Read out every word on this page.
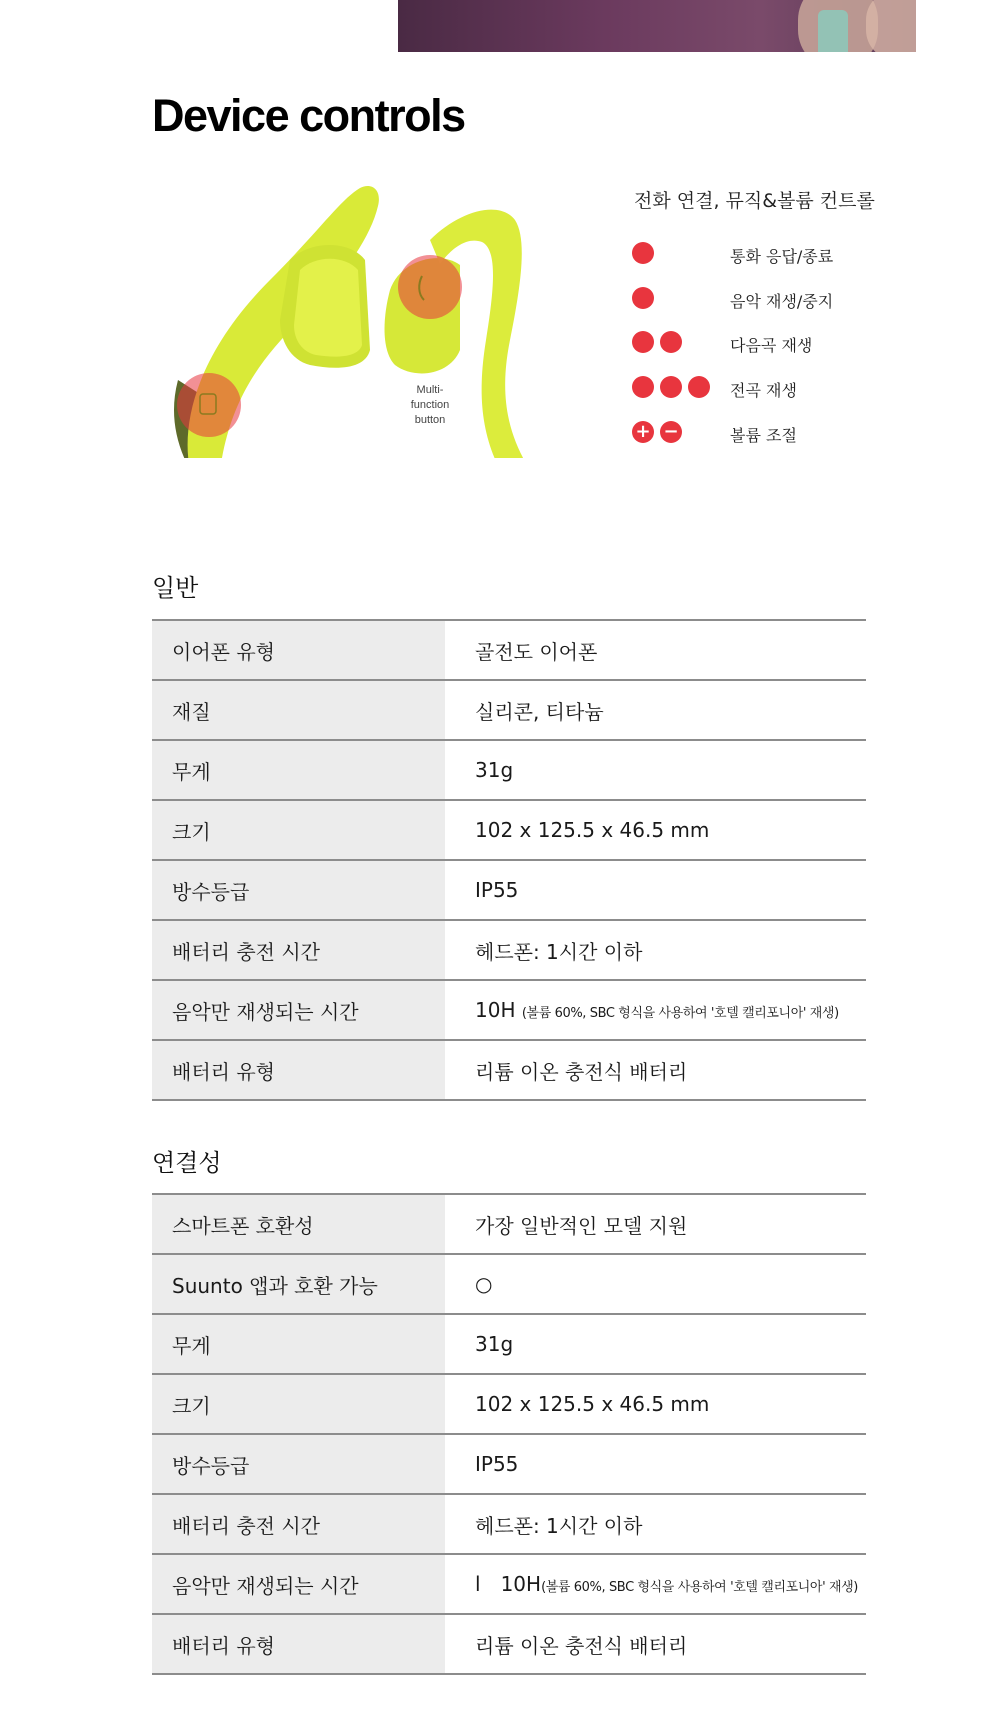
Device controls
Multi-
function
button
전화 연결, 뮤직&볼륨 컨트롤
통화 응답/종료
음악 재생/중지
다음곡 재생
전곡 재생
+ −	볼륨 조절
일반
이어폰 유형	골전도 이어폰
재질	실리콘, 티타늄
무게	31g
크기	102 x 125.5 x 46.5 mm
방수등급	IP55
배터리 충전 시간	헤드폰: 1시간 이하
음악만 재생되는 시간	10H (볼륨 60%, SBC 형식을 사용하여 '호텔 캘리포니아' 재생)
배터리 유형	리튬 이온 충전식 배터리
연결성
스마트폰 호환성	가장 일반적인 모델 지원
Suunto 앱과 호환 가능	○
무게	31g
크기	102 x 125.5 x 46.5 mm
방수등급	IP55
배터리 충전 시간	헤드폰: 1시간 이하
음악만 재생되는 시간	l 10H(볼륨 60%, SBC 형식을 사용하여 '호텔 캘리포니아' 재생)
배터리 유형	리튬 이온 충전식 배터리
